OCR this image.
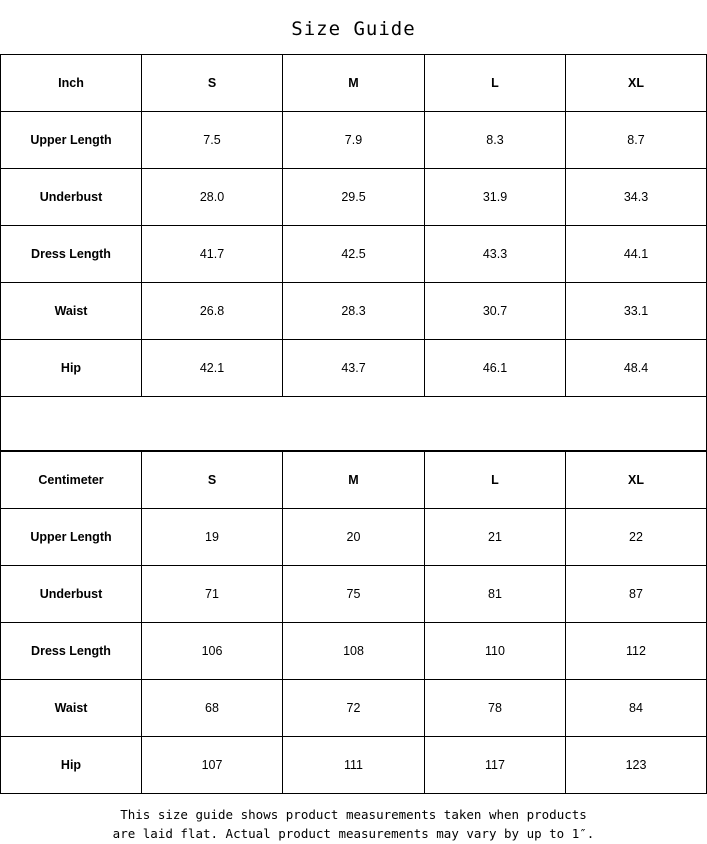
Size Guide
Inch	S	M	L	XL
Upper Length	7.5	7.9	8.3	8.7
Underbust	28.0	29.5	31.9	34.3
Dress Length	41.7	42.5	43.3	44.1
Waist	26.8	28.3	30.7	33.1
Hip	42.1	43.7	46.1	48.4
Centimeter	S	M	L	XL
Upper Length	19	20	21	22
Underbust	71	75	81	87
Dress Length	106	108	110	112
Waist	68	72	78	84
Hip	107	111	117	123
This size guide shows product measurements taken when products
are laid flat. Actual product measurements may vary by up to 1″.
